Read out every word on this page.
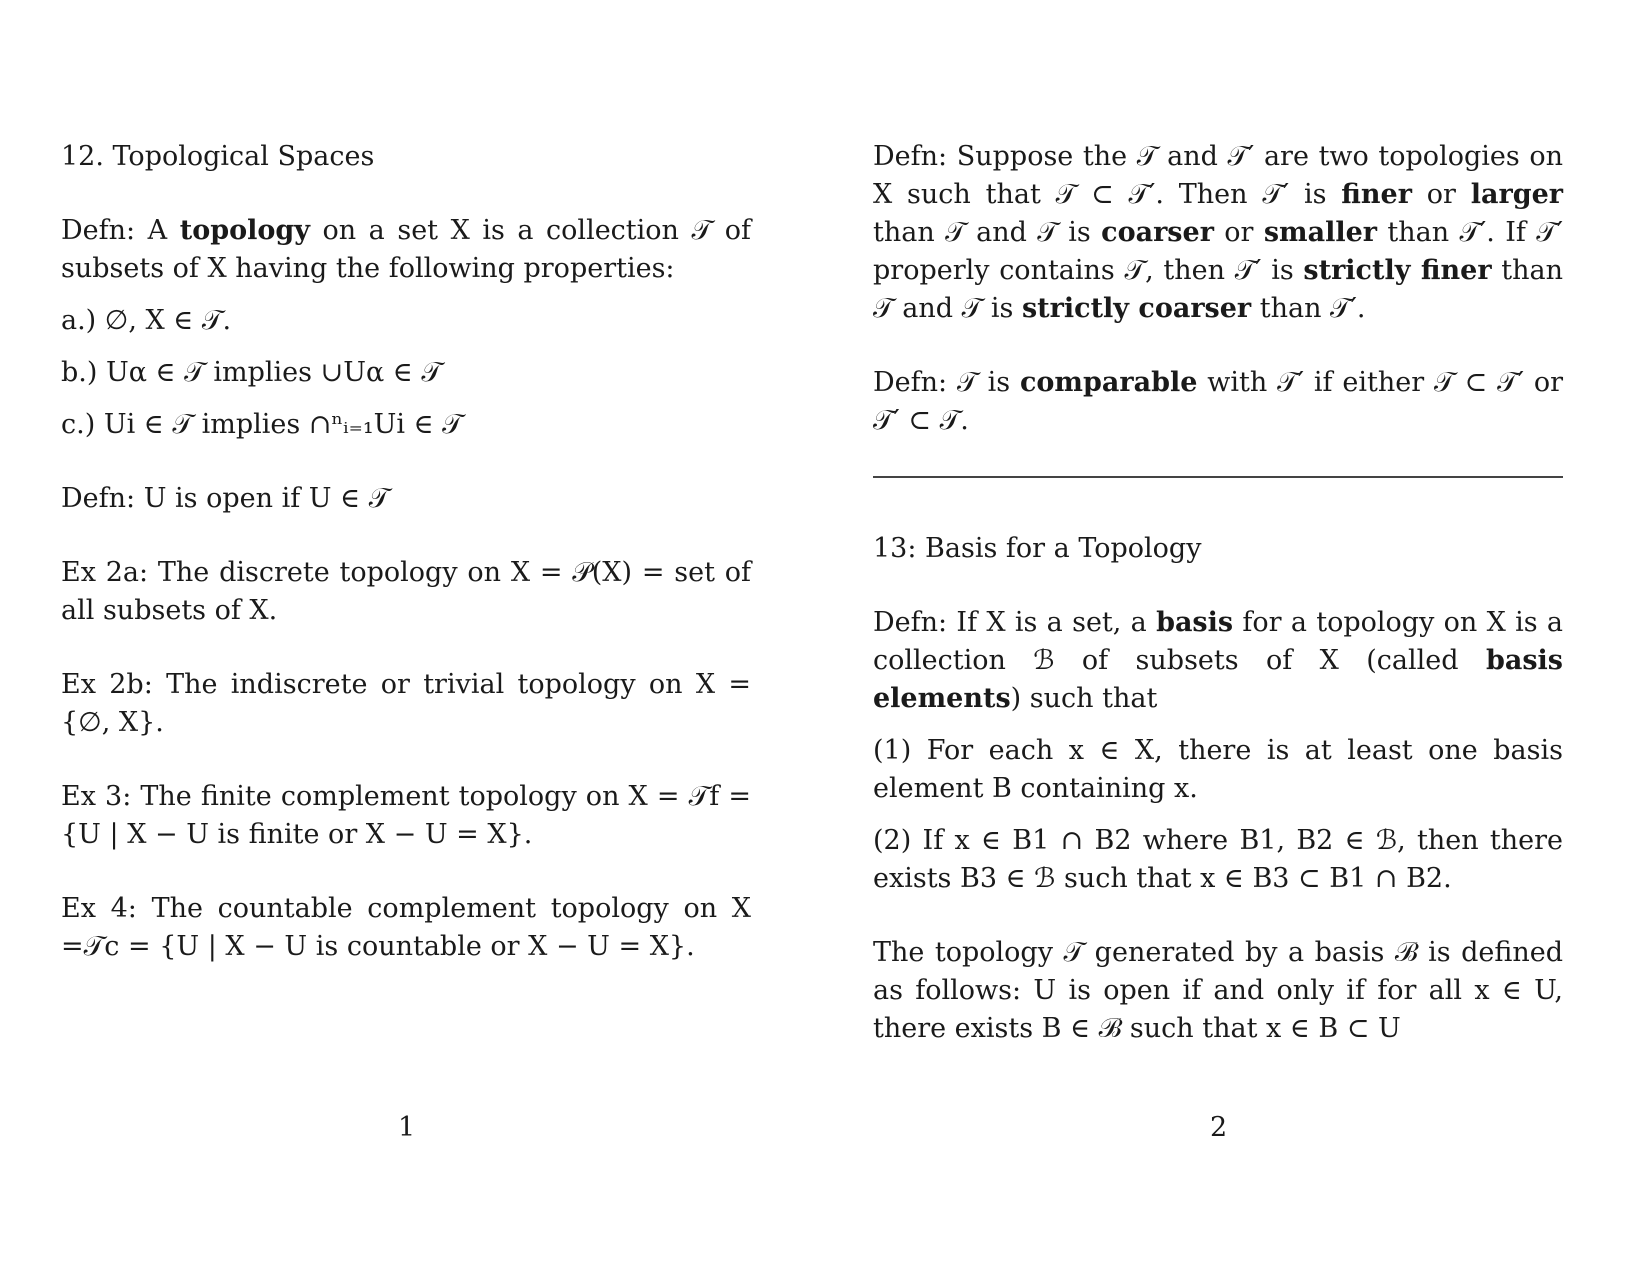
12. Topological Spaces

Defn: A topology on a set X is a collection 𝒯 of subsets of X having the following properties:

a.) ∅, X ∈ 𝒯.

b.) Uα ∈ 𝒯 implies ∪Uα ∈ 𝒯

c.) Ui ∈ 𝒯 implies ∩ⁿᵢ₌₁Ui ∈ 𝒯

Defn: U is open if U ∈ 𝒯

Ex 2a: The discrete topology on X = 𝒫(X) = set of all subsets of X.

Ex 2b: The indiscrete or trivial topology on X = {∅, X}.

Ex 3: The finite complement topology on X = 𝒯f = {U | X − U is finite or X − U = X}.

Ex 4: The countable complement topology on X =𝒯c = {U | X − U is countable or X − U = X}.

1

Defn: Suppose the 𝒯 and 𝒯′ are two topologies on X such that 𝒯 ⊂ 𝒯′. Then 𝒯′ is finer or larger than 𝒯 and 𝒯 is coarser or smaller than 𝒯′. If 𝒯′ properly contains 𝒯, then 𝒯′ is strictly finer than 𝒯 and 𝒯 is strictly coarser than 𝒯′.

Defn: 𝒯 is comparable with 𝒯′ if either 𝒯 ⊂ 𝒯′ or 𝒯′ ⊂ 𝒯.

13: Basis for a Topology

Defn: If X is a set, a basis for a topology on X is a collection ℬ of subsets of X (called basis elements) such that

(1) For each x ∈ X, there is at least one basis element B containing x.

(2) If x ∈ B1 ∩ B2 where B1, B2 ∈ ℬ, then there exists B3 ∈ ℬ such that x ∈ B3 ⊂ B1 ∩ B2.

The topology 𝒯 generated by a basis ℬ is defined as follows: U is open if and only if for all x ∈ U, there exists B ∈ ℬ such that x ∈ B ⊂ U

2
